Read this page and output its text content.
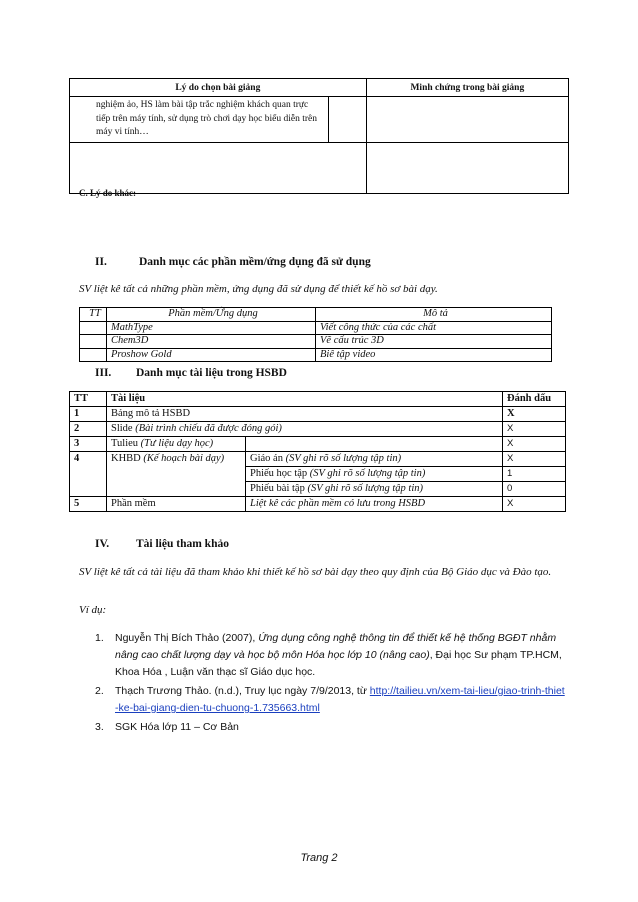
Lý do chọn bài giảng		Minh chứng trong bài giảng
nghiệm ảo, HS làm bài tập trắc nghiệm khách quan trực tiếp trên máy tính, sử dụng trò chơi dạy học biểu diễn trên máy vi tính…		

C. Lý do khác:
II.	Danh mục các phần mềm/ứng dụng đã sử dụng
SV liệt kê tất cả những phần mềm, ứng dụng đã sử dụng để thiết kế hồ sơ bài dạy.
TT	Phần mềm/Ứng dụng	Mô tả
	MathType	Viết công thức của các chất
	Chem3D	Vẽ cấu trúc 3D
	Proshow Gold	Biê tập video
III. Danh mục tài liệu trong HSBD
TT	Tài liệu		Đánh dấu
1	Bảng mô tả HSBD		X
2	Slide (Bài trình chiếu đã được đóng gói)		X
3	Tulieu (Tư liệu dạy học)		X
4	KHBD (Kế hoạch bài dạy)	Giáo án (SV ghi rõ số lượng tập tin)	X
		Phiếu học tập (SV ghi rõ số lượng tập tin)	1
		Phiếu bài tập (SV ghi rõ số lượng tập tin)	0
5	Phần mềm	Liệt kê các phần mềm có lưu trong HSBD	X
IV. Tài liệu tham khảo
SV liệt kê tất cả tài liệu đã tham khảo khi thiết kế hồ sơ bài dạy theo quy định của Bộ Giáo dục và Đào tạo.
Ví dụ:
1. Nguyễn Thị Bích Thảo (2007), Ứng dụng công nghệ thông tin để thiết kế hệ thống BGĐT nhằm nâng cao chất lượng dạy và học bộ môn Hóa học lớp 10 (nâng cao), Đại học Sư phạm TP.HCM, Khoa Hóa , Luận văn thạc sĩ Giáo dục học.
2. Thạch Trương Thảo. (n.d.), Truy lục ngày 7/9/2013, từ http://tailieu.vn/xem-tai-lieu/giao-trinh-thiet-ke-bai-giang-dien-tu-chuong-1.735663.html
3. SGK Hóa lớp 11 – Cơ Bản
Trang 2
